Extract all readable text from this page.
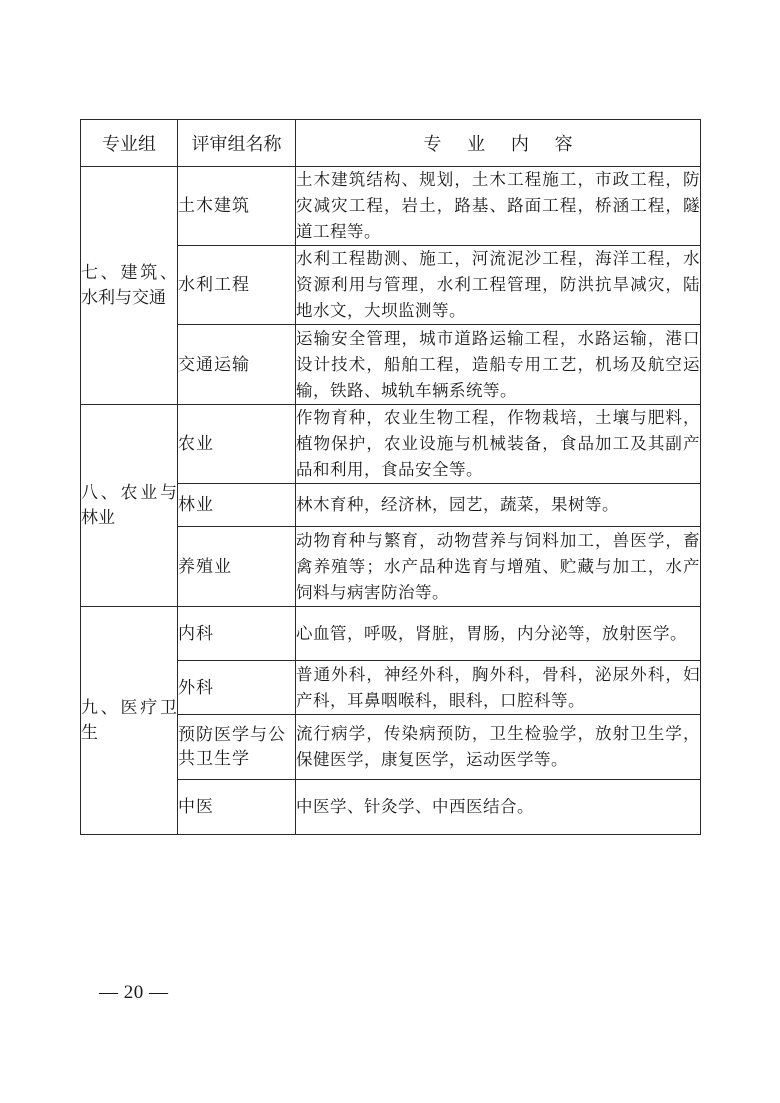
专业组	评审组名称	专 业 内 容
七、建筑、水利与交通	土木建筑	土木建筑结构、规划，土木工程施工，市政工程，防灾减灾工程，岩土，路基、路面工程，桥涵工程，隧道工程等。
	水利工程	水利工程勘测、施工，河流泥沙工程，海洋工程，水资源利用与管理，水利工程管理，防洪抗旱减灾，陆地水文，大坝监测等。
	交通运输	运输安全管理，城市道路运输工程，水路运输，港口设计技术，船舶工程，造船专用工艺，机场及航空运输，铁路、城轨车辆系统等。
八、农业与林业	农业	作物育种，农业生物工程，作物栽培，土壤与肥料，植物保护，农业设施与机械装备，食品加工及其副产品和利用，食品安全等。
	林业	林木育种，经济林，园艺，蔬菜，果树等。
	养殖业	动物育种与繁育，动物营养与饲料加工，兽医学，畜禽养殖等；水产品种选育与增殖、贮藏与加工，水产饲料与病害防治等。
九、医疗卫生	内科	心血管，呼吸，肾脏，胃肠，内分泌等，放射医学。
	外科	普通外科，神经外科，胸外科，骨科，泌尿外科，妇产科，耳鼻咽喉科，眼科，口腔科等。
	预防医学与公共卫生学	流行病学，传染病预防，卫生检验学，放射卫生学，保健医学，康复医学，运动医学等。
	中医	中医学、针灸学、中西医结合。
— 20 —
